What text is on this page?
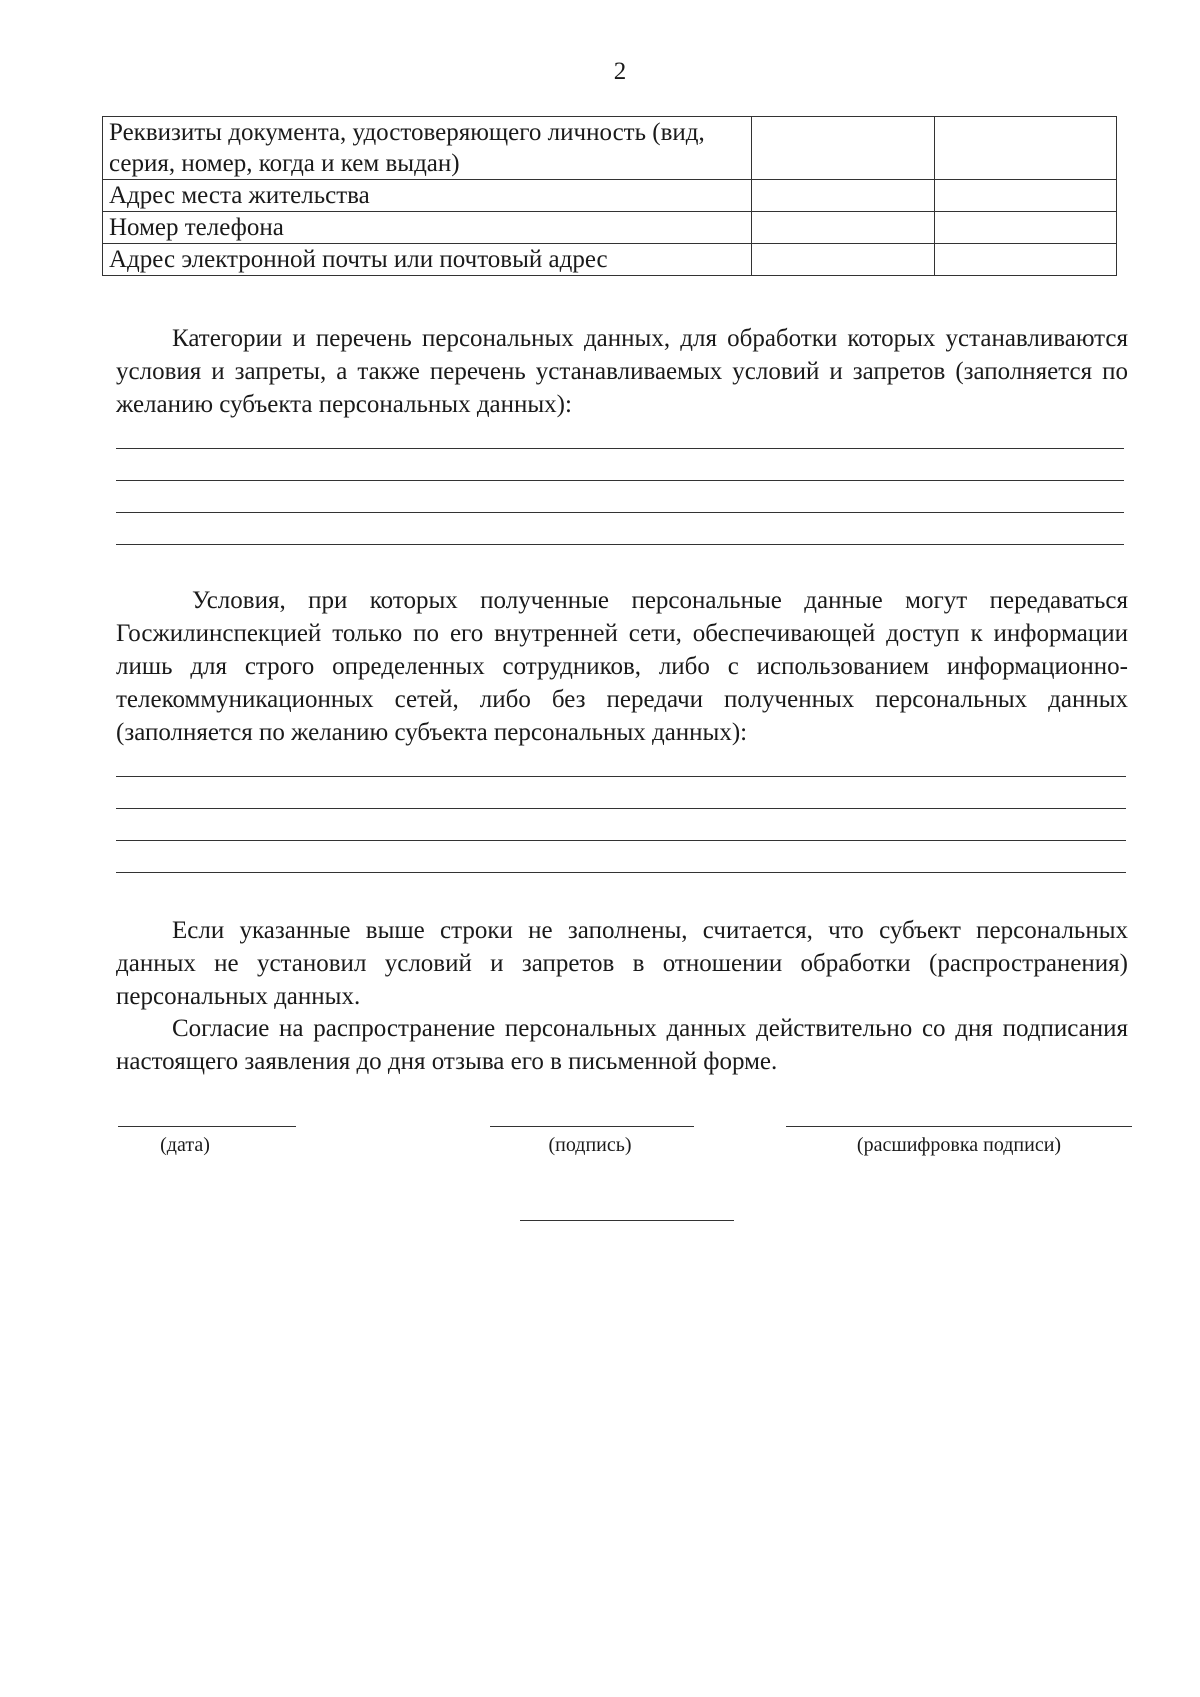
2
Реквизиты документа, удостоверяющего личность (вид, серия, номер, когда и кем выдан)		
Адрес места жительства		
Номер телефона		
Адрес электронной почты или почтовый адрес		

Категории и перечень персональных данных, для обработки которых устанавливаются условия и запреты, а также перечень устанавливаемых условий и запретов (заполняется по желанию субъекта персональных данных):

Условия, при которых полученные персональные данные могут передаваться Госжилинспекцией только по его внутренней сети, обеспечивающей доступ к информации лишь для строго определенных сотрудников, либо с использованием информационно-телекоммуникационных сетей, либо без передачи полученных персональных данных (заполняется по желанию субъекта персональных данных):

Если указанные выше строки не заполнены, считается, что субъект персональных данных не установил условий и запретов в отношении обработки (распространения) персональных данных.

Согласие на распространение персональных данных действительно со дня подписания настоящего заявления до дня отзыва его в письменной форме.

(дата)	(подпись)	(расшифровка подписи)
